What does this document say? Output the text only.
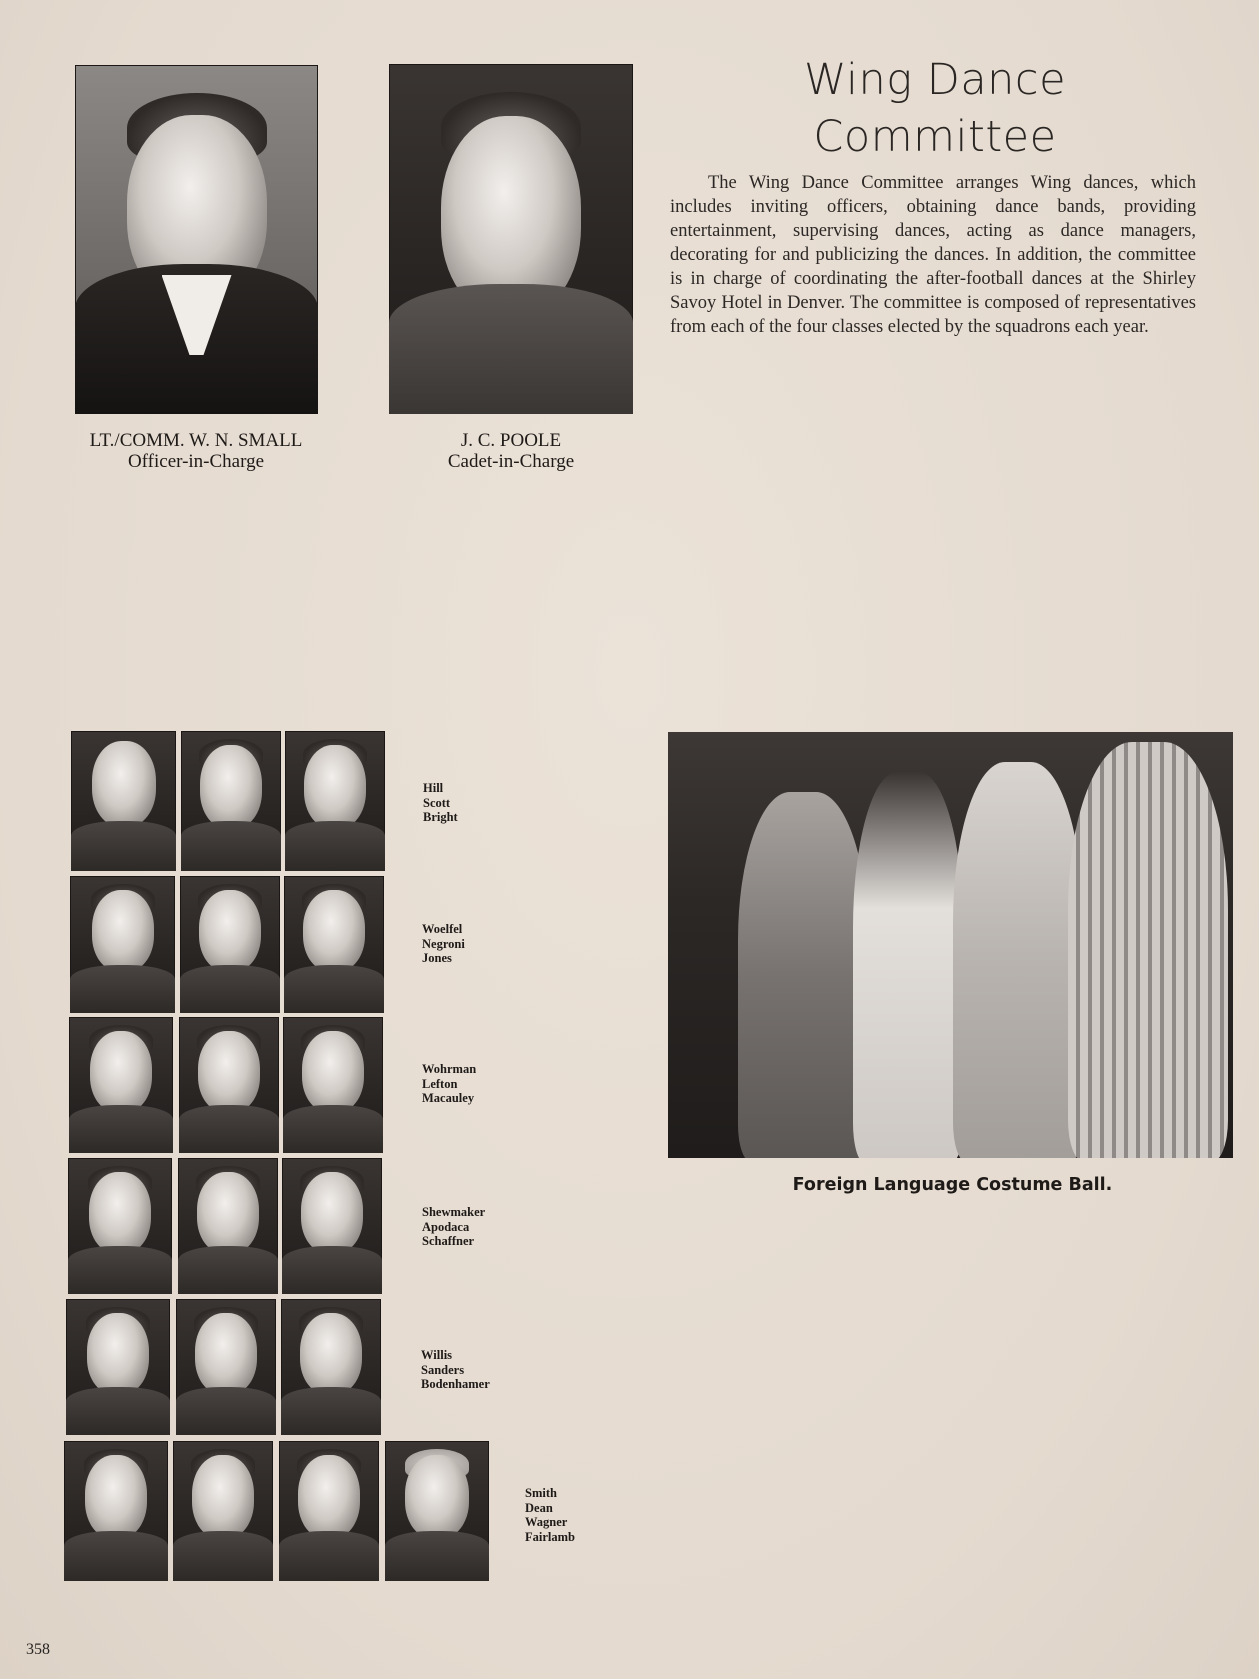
LT./COMM. W. N. SMALL
Officer-in-Charge
J. C. POOLE
Cadet-in-Charge
Wing Dance
Committee

The Wing Dance Committee arranges Wing dances, which includes inviting officers, obtaining dance bands, providing entertainment, supervising dances, acting as dance managers, decorating for and publicizing the dances. In addition, the committee is in charge of coordinating the after-football dances at the Shirley Savoy Hotel in Denver. The committee is composed of representatives from each of the four classes elected by the squadrons each year.

Hill
Scott
Bright
Woelfel
Negroni
Jones
Wohrman
Lefton
Macauley
Shewmaker
Apodaca
Schaffner
Willis
Sanders
Bodenhamer
Smith
Dean
Wagner
Fairlamb
Foreign Language Costume Ball.
358
